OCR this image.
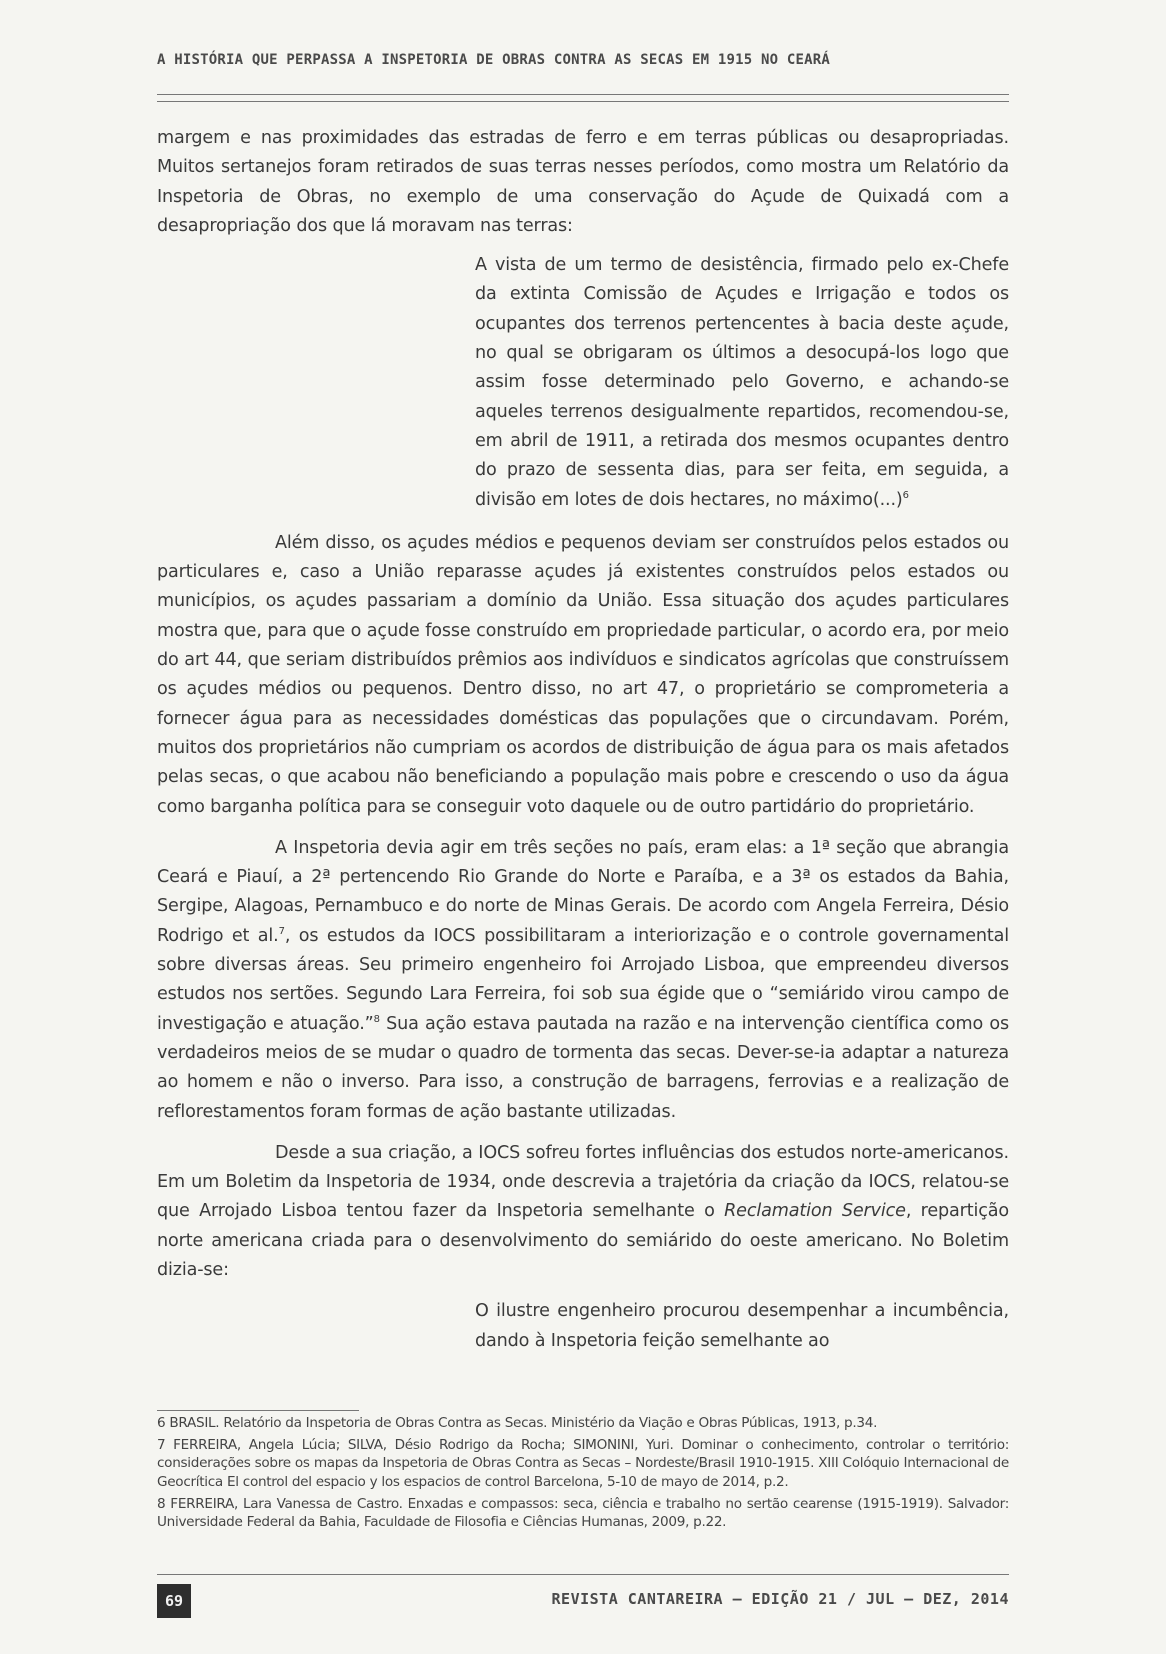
A HISTÓRIA QUE PERPASSA A INSPETORIA DE OBRAS CONTRA AS SECAS EM 1915 NO CEARÁ

margem e nas proximidades das estradas de ferro e em terras públicas ou desapropriadas. Muitos sertanejos foram retirados de suas terras nesses períodos, como mostra um Relatório da Inspetoria de Obras, no exemplo de uma conservação do Açude de Quixadá com a desapropriação dos que lá moravam nas terras:

A vista de um termo de desistência, firmado pelo ex-Chefe da extinta Comissão de Açudes e Irrigação e todos os ocupantes dos terrenos pertencentes à bacia deste açude, no qual se obrigaram os últimos a desocupá-los logo que assim fosse determinado pelo Governo, e achando-se aqueles terrenos desigualmente repartidos, recomendou-se, em abril de 1911, a retirada dos mesmos ocupantes dentro do prazo de sessenta dias, para ser feita, em seguida, a divisão em lotes de dois hectares, no máximo(...)$^6$

Além disso, os açudes médios e pequenos deviam ser construídos pelos estados ou particulares e, caso a União reparasse açudes já existentes construídos pelos estados ou municípios, os açudes passariam a domínio da União. Essa situação dos açudes particulares mostra que, para que o açude fosse construído em propriedade particular, o acordo era, por meio do art 44, que seriam distribuídos prêmios aos indivíduos e sindicatos agrícolas que construíssem os açudes médios ou pequenos. Dentro disso, no art 47, o proprietário se comprometeria a fornecer água para as necessidades domésticas das populações que o circundavam. Porém, muitos dos proprietários não cumpriam os acordos de distribuição de água para os mais afetados pelas secas, o que acabou não beneficiando a população mais pobre e crescendo o uso da água como barganha política para se conseguir voto daquele ou de outro partidário do proprietário.

A Inspetoria devia agir em três seções no país, eram elas: a 1ª seção que abrangia Ceará e Piauí, a 2ª pertencendo Rio Grande do Norte e Paraíba, e a 3ª os estados da Bahia, Sergipe, Alagoas, Pernambuco e do norte de Minas Gerais. De acordo com Angela Ferreira, Désio Rodrigo et al.$^7$, os estudos da IOCS possibilitaram a interiorização e o controle governamental sobre diversas áreas. Seu primeiro engenheiro foi Arrojado Lisboa, que empreendeu diversos estudos nos sertões. Segundo Lara Ferreira, foi sob sua égide que o “semiárido virou campo de investigação e atuação.”$^8$ Sua ação estava pautada na razão e na intervenção científica como os verdadeiros meios de se mudar o quadro de tormenta das secas. Dever-se-ia adaptar a natureza ao homem e não o inverso. Para isso, a construção de barragens, ferrovias e a realização de reflorestamentos foram formas de ação bastante utilizadas.

Desde a sua criação, a IOCS sofreu fortes influências dos estudos norte-americanos. Em um Boletim da Inspetoria de 1934, onde descrevia a trajetória da criação da IOCS, relatou-se que Arrojado Lisboa tentou fazer da Inspetoria semelhante o Reclamation Service, repartição norte americana criada para o desenvolvimento do semiárido do oeste americano. No Boletim dizia-se:

O ilustre engenheiro procurou desempenhar a incumbência, dando à Inspetoria feição semelhante ao

6 BRASIL. Relatório da Inspetoria de Obras Contra as Secas. Ministério da Viação e Obras Públicas, 1913, p.34.

7 FERREIRA, Angela Lúcia; SILVA, Désio Rodrigo da Rocha; SIMONINI, Yuri. Dominar o conhecimento, controlar o território: considerações sobre os mapas da Inspetoria de Obras Contra as Secas – Nordeste/Brasil 1910-1915. XIII Colóquio Internacional de Geocrítica El control del espacio y los espacios de control Barcelona, 5-10 de mayo de 2014, p.2.

8 FERREIRA, Lara Vanessa de Castro. Enxadas e compassos: seca, ciência e trabalho no sertão cearense (1915-1919). Salvador: Universidade Federal da Bahia, Faculdade de Filosofia e Ciências Humanas, 2009, p.22.

69	REVISTA CANTAREIRA – EDIÇÃO 21 / JUL – DEZ, 2014
